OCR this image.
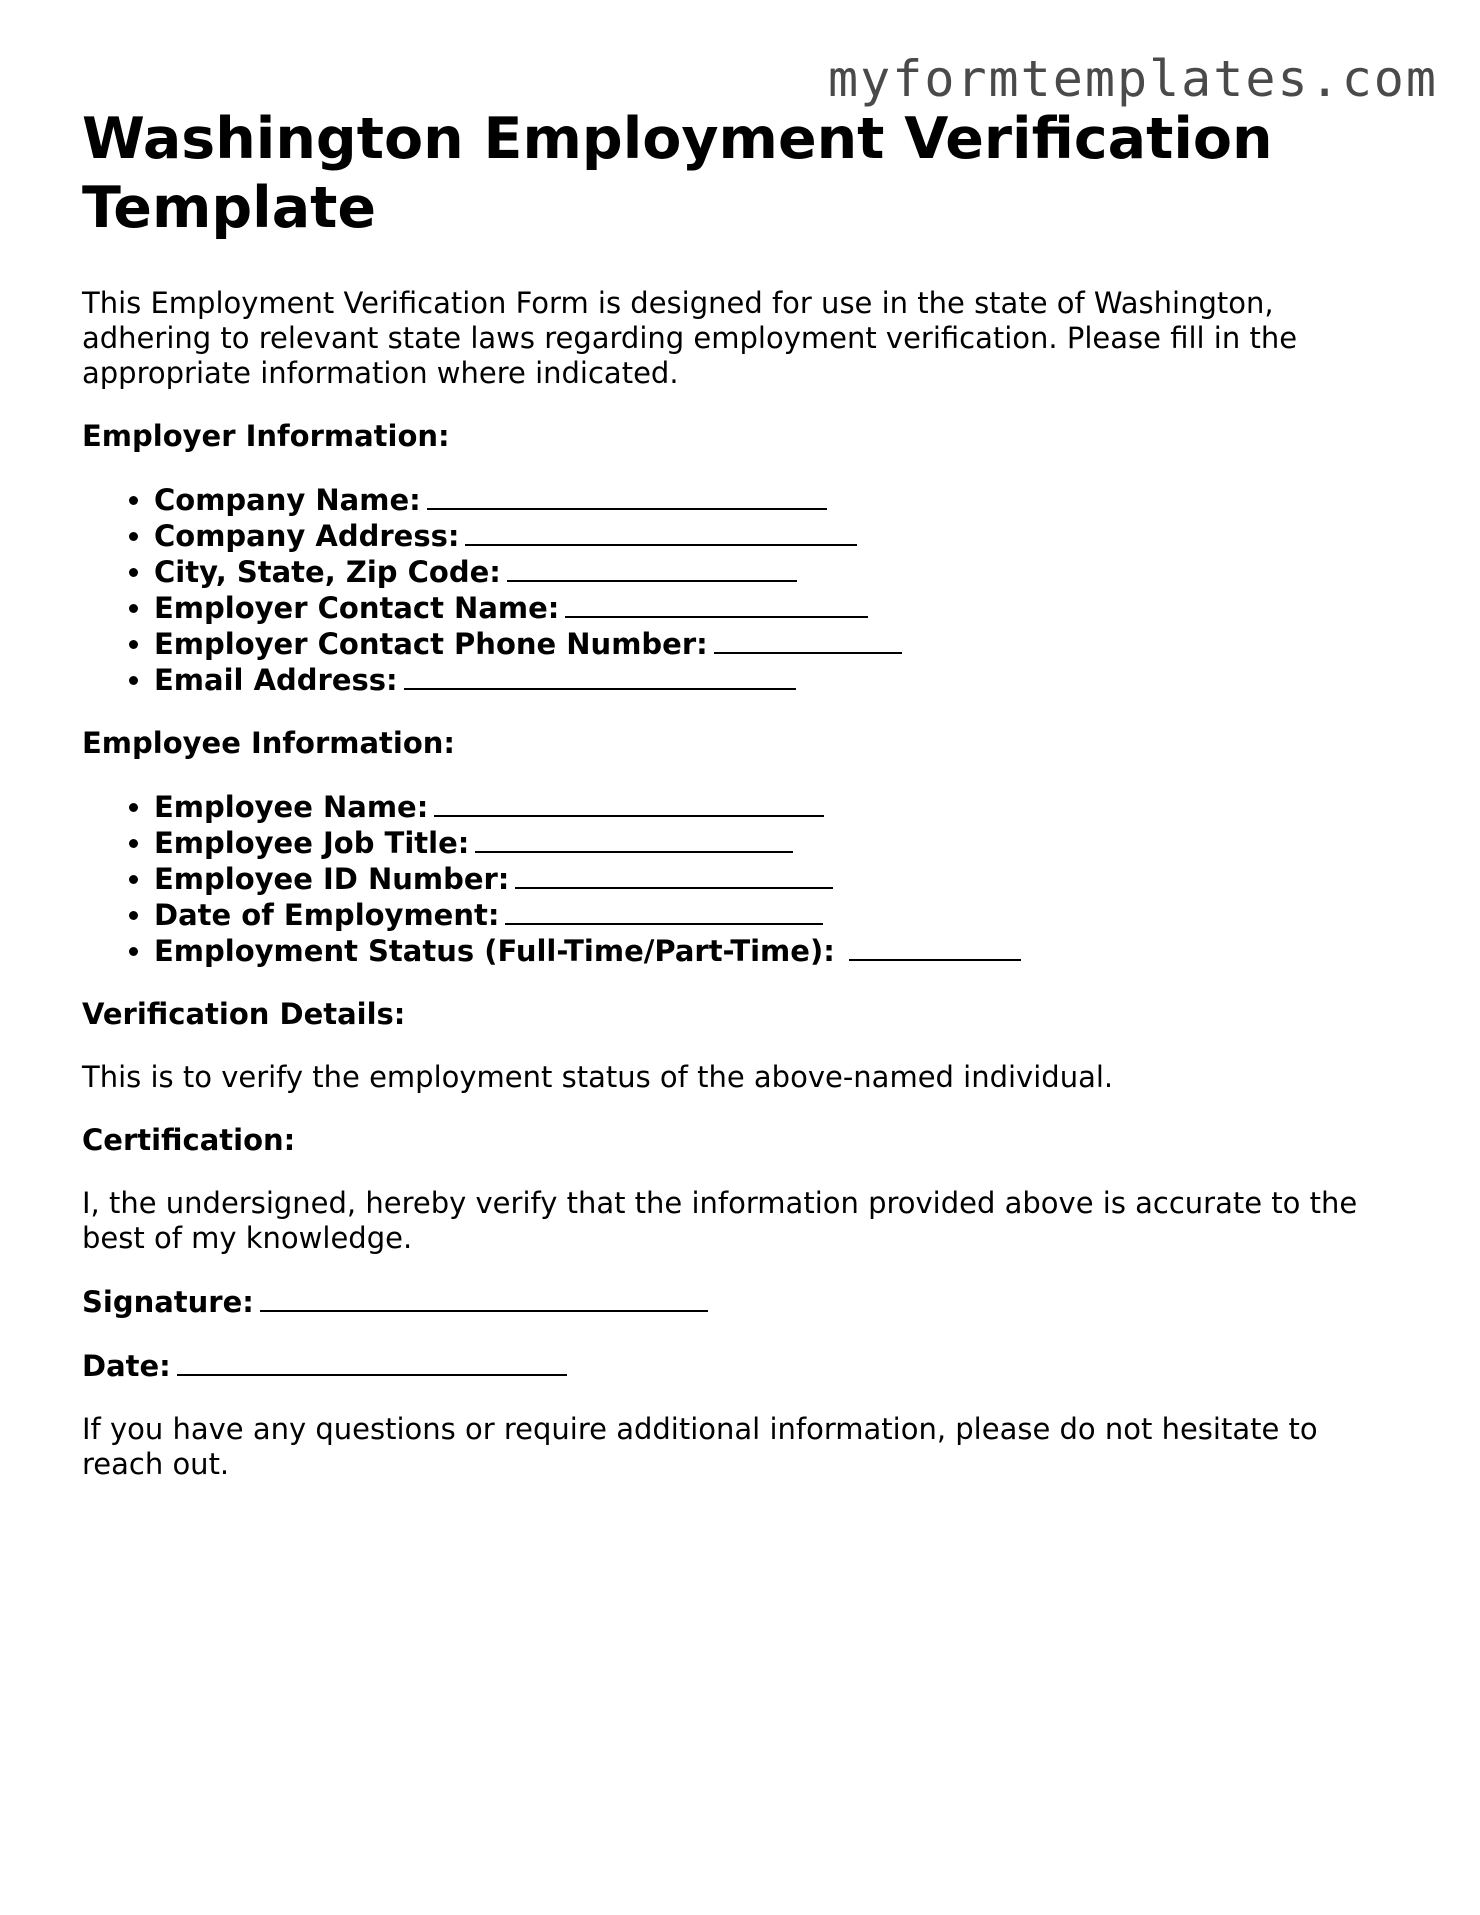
myformtemplates.com
Washington Employment Verification Template

This Employment Verification Form is designed for use in the state of Washington, adhering to relevant state laws regarding employment verification. Please fill in the appropriate information where indicated.

Employer Information:

• Company Name:
• Company Address:
• City, State, Zip Code:
• Employer Contact Name:
• Employer Contact Phone Number:
• Email Address:

Employee Information:

• Employee Name:
• Employee Job Title:
• Employee ID Number:
• Date of Employment:
• Employment Status (Full-Time/Part-Time):

Verification Details:

This is to verify the employment status of the above-named individual.

Certification:

I, the undersigned, hereby verify that the information provided above is accurate to the best of my knowledge.

Signature:

Date:

If you have any questions or require additional information, please do not hesitate to reach out.
